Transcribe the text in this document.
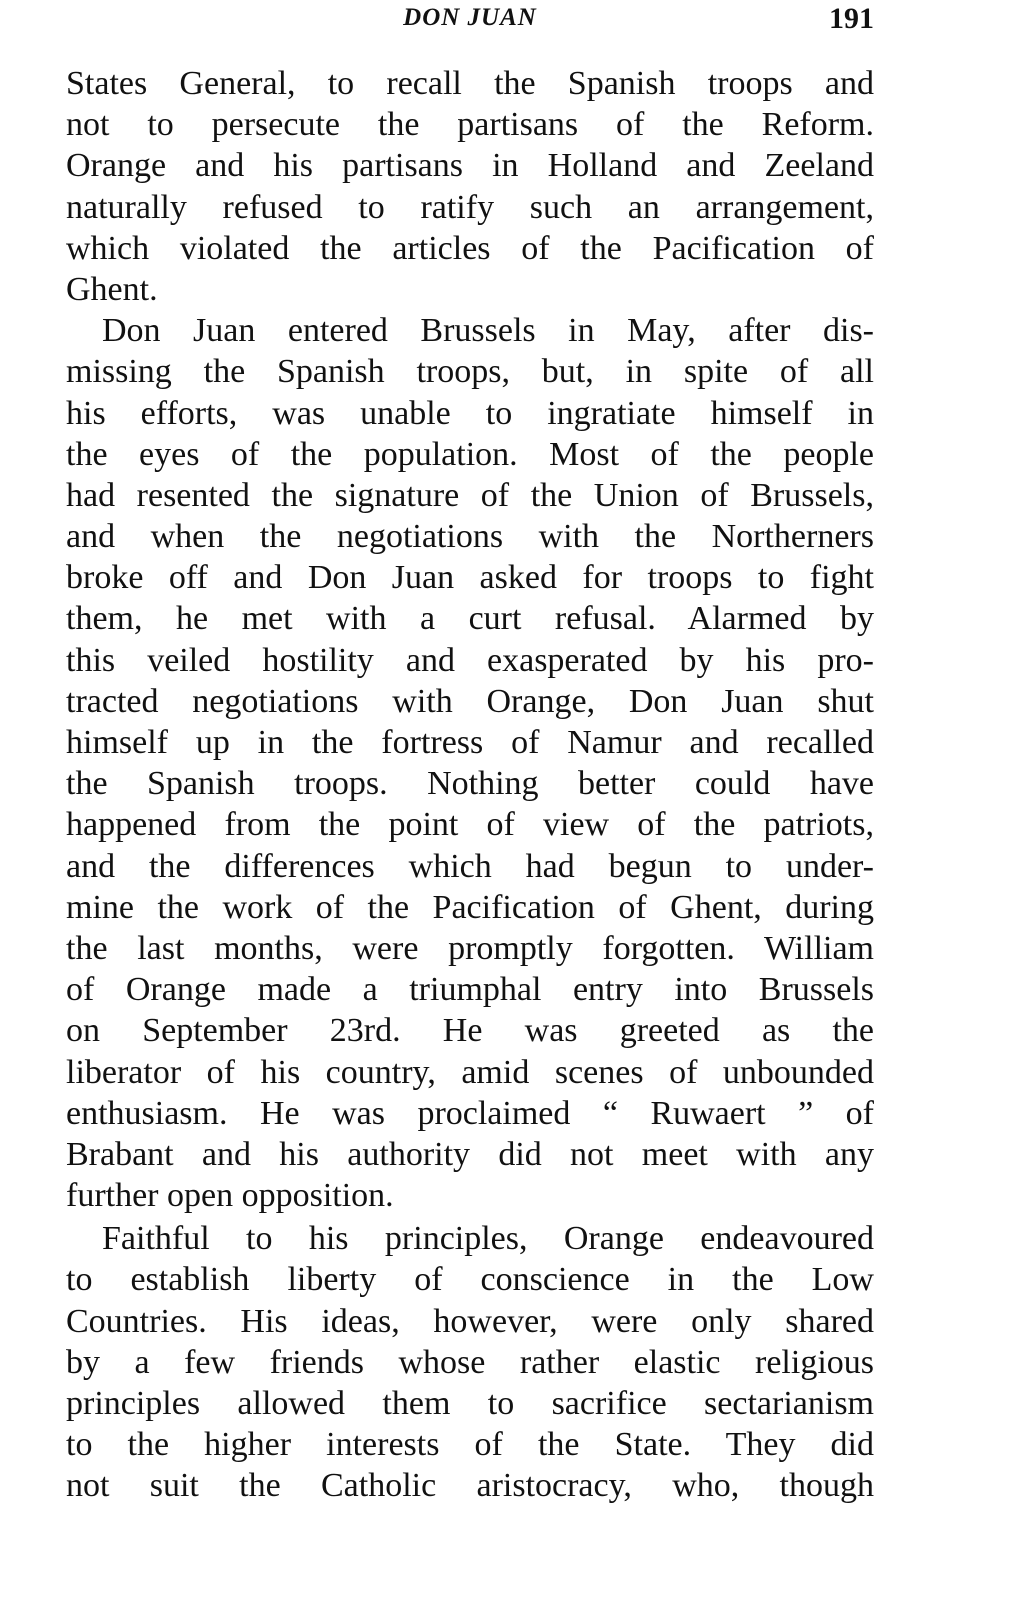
DON JUAN	191
States General, to recall the Spanish troops and
not to persecute the partisans of the Reform.
Orange and his partisans in Holland and Zeeland
naturally refused to ratify such an arrangement,
which violated the articles of the Pacification of
Ghent.
Don Juan entered Brussels in May, after dis-
missing the Spanish troops, but, in spite of all
his efforts, was unable to ingratiate himself in
the eyes of the population. Most of the people
had resented the signature of the Union of Brussels,
and when the negotiations with the Northerners
broke off and Don Juan asked for troops to fight
them, he met with a curt refusal. Alarmed by
this veiled hostility and exasperated by his pro-
tracted negotiations with Orange, Don Juan shut
himself up in the fortress of Namur and recalled
the Spanish troops. Nothing better could have
happened from the point of view of the patriots,
and the differences which had begun to under-
mine the work of the Pacification of Ghent, during
the last months, were promptly forgotten. William
of Orange made a triumphal entry into Brussels
on September 23rd. He was greeted as the
liberator of his country, amid scenes of unbounded
enthusiasm. He was proclaimed “ Ruwaert ” of
Brabant and his authority did not meet with any
further open opposition.
Faithful to his principles, Orange endeavoured
to establish liberty of conscience in the Low
Countries. His ideas, however, were only shared
by a few friends whose rather elastic religious
principles allowed them to sacrifice sectarianism
to the higher interests of the State. They did
not suit the Catholic aristocracy, who, though
